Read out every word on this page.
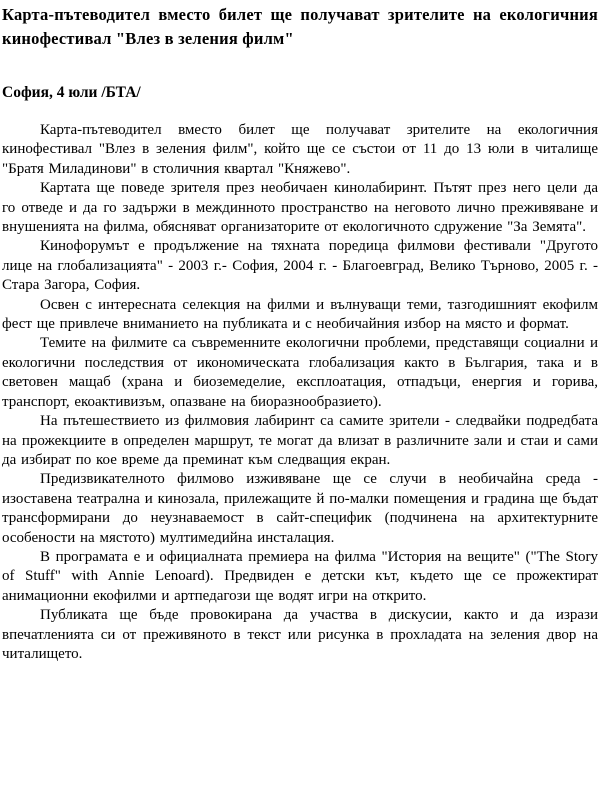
Карта-пътеводител вместо билет ще получават зрителите на екологичния кинофестивал "Влез в зеления филм"

София, 4 юли /БТА/

Карта-пътеводител вместо билет ще получават зрителите на екологичния кинофестивал "Влез в зеления филм", който ще се състои от 11 до 13 юли в читалище "Братя Миладинови" в столичния квартал "Княжево".

Картата ще поведе зрителя през необичаен кинолабиринт. Пътят през него цели да го отведе и да го задържи в междинното пространство на неговото лично преживяване и внушенията на филма, обясняват организаторите от екологичното сдружение "За Земята".

Кинофорумът е продължение на тяхната поредица филмови фестивали "Другото лице на глобализацията" - 2003 г.- София, 2004 г. - Благоевград, Велико Търново, 2005 г. - Стара Загора, София.

Освен с интересната селекция на филми и вълнуващи теми, тазгодишният екофилм фест ще привлече вниманието на публиката и с необичайния избор на място и формат.

Темите на филмите са съвременните екологични проблеми, представящи социални и екологични последствия от икономическата глобализация както в България, така и в световен мащаб (храна и биоземеделие, експлоатация, отпадъци, енергия и горива, транспорт, екоактивизъм, опазване на биоразнообразието).

На пътешествието из филмовия лабиринт са самите зрители - следвайки подредбата на прожекциите в определен маршрут, те могат да влизат в различните зали и стаи и сами да избират по кое време да преминат към следващия екран.

Предизвикателното филмово изживяване ще се случи в необичайна среда - изоставена театрална и кинозала, прилежащите й по-малки помещения и градина ще бъдат трансформирани до неузнаваемост в сайт-специфик (подчинена на архитектурните особености на мястото) мултимедийна инсталация.

В програмата е и официалната премиера на филма "История на вещите" ("The Story of Stuff" with Annie Lenoard). Предвиден е детски кът, където ще се прожектират анимационни екофилми и артпедагози ще водят игри на открито.

Публиката ще бъде провокирана да участва в дискусии, както и да изрази впечатленията си от преживяното в текст или рисунка в прохладата на зеления двор на читалището.
